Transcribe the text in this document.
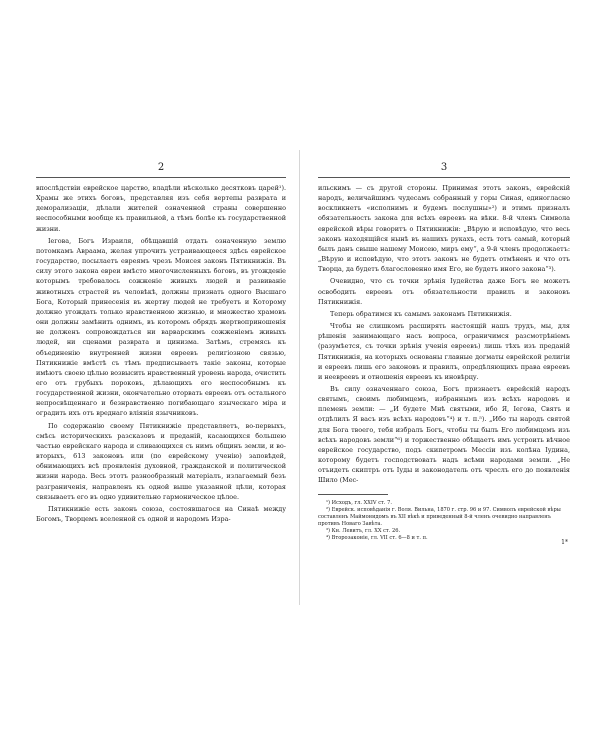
2

впослѣдствіи еврейское царство, владѣли нѣсколько десятковъ царей¹). Храмы же этихъ боговъ, представляя изъ себя вертепы разврата и деморализаціи, дѣлали жителей означенной страны совершенно неспособными вообще къ правильной, а тѣмъ болѣе къ государственной жизни.

Іегова, Богъ Израиля, обѣщавшій отдать означенную землю потомкамъ Авраама, желая упрочить устраивающееся здѣсь еврейское государство, посылаетъ евреямъ чрезъ Моисея законъ Пятикнижія. Въ силу этого закона евреи вмѣсто многочисленныхъ боговъ, въ угожденіе которымъ требовалось сожженіе живыхъ людей и развиваніе животныхъ страстей въ человѣкѣ, должны признать одного Высшаго Бога, Который принесенія въ жертву людей не требуетъ и Которому должно угождать только нравственною жизнью, и множество храмовъ они должны замѣнить однимъ, въ которомъ обрядъ жертвоприношенія не долженъ сопровождаться ни варварскимъ сожженіемъ живыхъ людей, ни сценами разврата и цинизма. Затѣмъ, стремясь къ объединенію внутренней жизни евреевъ религіозною связью, Пятикнижіе вмѣстѣ съ тѣмъ предписываетъ такіе законы, которые имѣютъ своею цѣлью возвысить нравственный уровень народа, очистить его отъ грубыхъ пороковъ, дѣлающихъ его неспособнымъ къ государственной жизни, окончательно оторвать евреевъ отъ остального непросвѣщеннаго и безнравственно погибающаго языческаго міра и оградить ихъ отъ вреднаго вліянія язычниковъ.

По содержанію своему Пятикнижіе представляетъ, во-первыхъ, смѣсь историческихъ разсказовъ и преданій, касающихся большею частью еврейскаго народа и сливающихся съ нимъ общинъ земли, и во-вторыхъ, 613 законовъ или (по еврейскому ученію) заповѣдей, обнимающихъ всѣ проявленія духовной, гражданской и политической жизни народа. Весь этотъ разнообразный матеріалъ, излагаемый безъ разграниченія, направленъ къ одной выше указанной цѣли, которая связываетъ его въ одно удивительно гармоническое цѣлое.

Пятикнижіе есть законъ союза, состоявшагося на Синаѣ между Богомъ, Творцемъ вселенной съ одной и народомъ Изра-

3

ильскимъ — съ другой стороны. Принимая этотъ законъ, еврейскій народъ, величайшимъ чудесамъ собранный у горы Синая, единогласно воскликнетъ «исполнимъ и будемъ послушны»²) и этимъ призналъ обязательность закона для всѣхъ евреевъ на вѣки. 8-й членъ Символа еврейской вѣры говоритъ о Пятикнижіи: „Вѣрую и исповѣдую, что весь законъ находящійся нынѣ въ нашихъ рукахъ, есть тотъ самый, который былъ данъ свыше нашему Моисею, миръ ему“, а 9-й членъ продолжаетъ: „Вѣрую и исповѣдую, что этотъ законъ не будетъ отмѣненъ и что отъ Творца, да будетъ благословенно имя Его, не будетъ иного закона“³).

Очевидно, что съ точки зрѣнія Іудейства даже Богъ не можетъ освободить евреевъ отъ обязательности правилъ и законовъ Пятикнижія.

Теперь обратимся къ самымъ законамъ Пятикнижія.

Чтобы не слишкомъ расширять настоящій нашъ трудъ, мы, для рѣшенія занимающаго насъ вопроса, ограничимся разсмотрѣніемъ (разумѣется, съ точки зрѣнія ученія евреевъ) лишь тѣхъ изъ преданій Пятикнижія, на которыхъ основаны главные догматы еврейской религіи и евреевъ лишь его законовъ и правилъ, опредѣляющихъ права евреевъ и неевреевъ и отношенія евреевъ къ иновѣрцу.

Въ силу означеннаго союза, Богъ признаетъ еврейскій народъ святымъ, своимъ любимцемъ, избраннымъ изъ всѣхъ народовъ и племенъ земли: — „И будете Мнѣ святыми, ибо Я, Іегова, Святъ и отдѣлилъ Я васъ изъ всѣхъ народовъ“⁴) и т. п.⁵). „Ибо ты народъ святой для Бога твоего, тебя избралъ Богъ, чтобы ты былъ Его любимцемъ изъ всѣхъ народовъ земли“⁶) и торжественно обѣщаетъ имъ устроить вѣчное еврейское государство, подъ скипетромъ Мессіи изъ колѣна Іудина, которому будетъ господствовать надъ всѣми народами земли. „Не отъидетъ скиптръ отъ Іуды и законодатель отъ чреслъ его до появленія Шило (Мес-

¹) Исходъ, гл. XXIV ст. 7.

²) Еврейск. исповѣданія г. Воля. Вильна, 1870 г. стр. 96 и 97. Символъ еврейской вѣры составленъ Маймонидомъ въ XII вѣкѣ и приведенный 8-й членъ очевидно направленъ противъ Новаго Завѣта.

³) Кн. Левитъ, гл. XX ст. 26.

⁴) Второзаконіе, гл. VII ст. 6—8 и т. п.

1*
